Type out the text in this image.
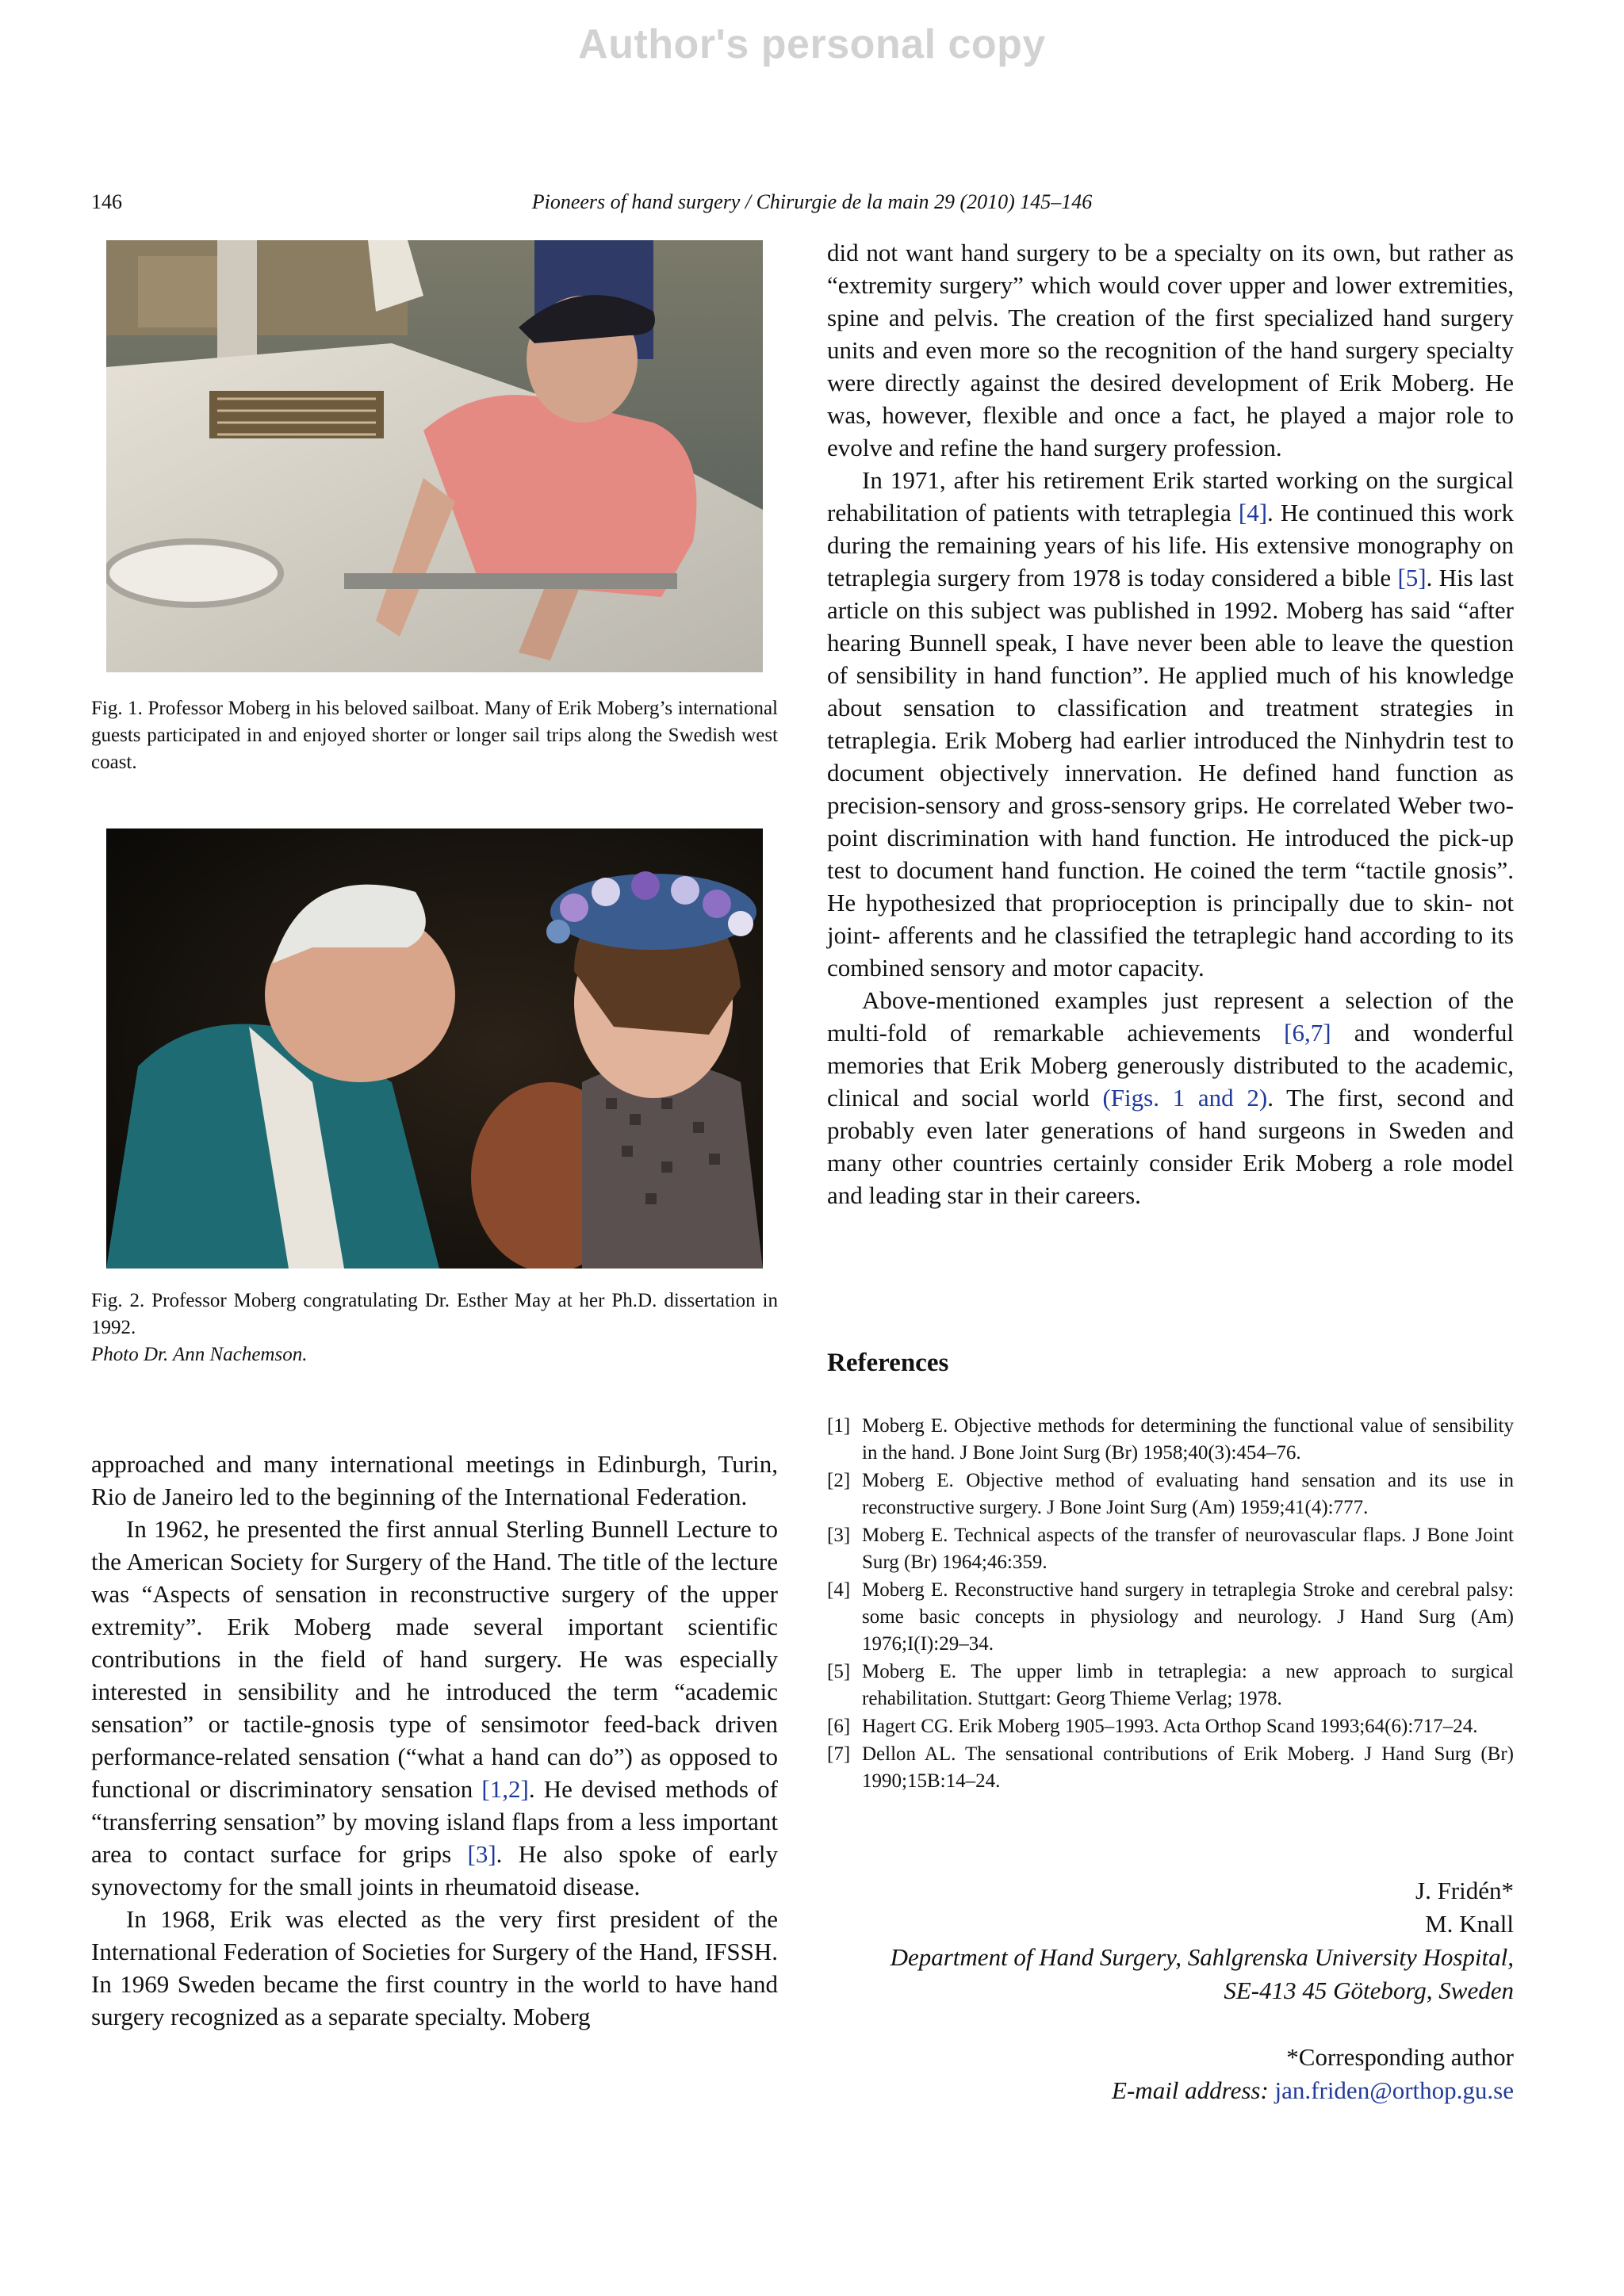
Author's personal copy
146	Pioneers of hand surgery / Chirurgie de la main 29 (2010) 145–146
Fig. 1. Professor Moberg in his beloved sailboat. Many of Erik Moberg’s international guests participated in and enjoyed shorter or longer sail trips along the Swedish west coast.
Fig. 2. Professor Moberg congratulating Dr. Esther May at her Ph.D. dissertation in 1992.
Photo Dr. Ann Nachemson.

approached and many international meetings in Edinburgh, Turin, Rio de Janeiro led to the beginning of the International Federation.

In 1962, he presented the first annual Sterling Bunnell Lecture to the American Society for Surgery of the Hand. The title of the lecture was “Aspects of sensation in reconstructive surgery of the upper extremity”. Erik Moberg made several important scientific contributions in the field of hand surgery. He was especially interested in sensibility and he introduced the term “academic sensation” or tactile-gnosis type of sensimotor feed-back driven performance-related sensation (“what a hand can do”) as opposed to functional or discriminatory sensation [1,2]. He devised methods of “transferring sensation” by moving island flaps from a less important area to contact surface for grips [3]. He also spoke of early synovectomy for the small joints in rheumatoid disease.

In 1968, Erik was elected as the very first president of the International Federation of Societies for Surgery of the Hand, IFSSH. In 1969 Sweden became the first country in the world to have hand surgery recognized as a separate specialty. Moberg

did not want hand surgery to be a specialty on its own, but rather as “extremity surgery” which would cover upper and lower extremities, spine and pelvis. The creation of the first specialized hand surgery units and even more so the recognition of the hand surgery specialty were directly against the desired development of Erik Moberg. He was, however, flexible and once a fact, he played a major role to evolve and refine the hand surgery profession.

In 1971, after his retirement Erik started working on the surgical rehabilitation of patients with tetraplegia [4]. He continued this work during the remaining years of his life. His extensive monography on tetraplegia surgery from 1978 is today considered a bible [5]. His last article on this subject was published in 1992. Moberg has said “after hearing Bunnell speak, I have never been able to leave the question of sensibility in hand function”. He applied much of his knowledge about sensation to classification and treatment strategies in tetraplegia. Erik Moberg had earlier introduced the Ninhydrin test to document objectively innervation. He defined hand function as precision-sensory and gross-sensory grips. He correlated Weber two-point discrimination with hand function. He introduced the pick-up test to document hand function. He coined the term “tactile gnosis”. He hypothesized that proprioception is principally due to skin- not joint- afferents and he classified the tetraplegic hand according to its combined sensory and motor capacity.

Above-mentioned examples just represent a selection of the multi-fold of remarkable achievements [6,7] and wonderful memories that Erik Moberg generously distributed to the academic, clinical and social world (Figs. 1 and 2). The first, second and probably even later generations of hand surgeons in Sweden and many other countries certainly consider Erik Moberg a role model and leading star in their careers.

References
[1] Moberg E. Objective methods for determining the functional value of sensibility in the hand. J Bone Joint Surg (Br) 1958;40(3):454–76.
[2] Moberg E. Objective method of evaluating hand sensation and its use in reconstructive surgery. J Bone Joint Surg (Am) 1959;41(4):777.
[3] Moberg E. Technical aspects of the transfer of neurovascular flaps. J Bone Joint Surg (Br) 1964;46:359.
[4] Moberg E. Reconstructive hand surgery in tetraplegia Stroke and cerebral palsy: some basic concepts in physiology and neurology. J Hand Surg (Am) 1976;I(I):29–34.
[5] Moberg E. The upper limb in tetraplegia: a new approach to surgical rehabilitation. Stuttgart: Georg Thieme Verlag; 1978.
[6] Hagert CG. Erik Moberg 1905–1993. Acta Orthop Scand 1993;64(6):717–24.
[7] Dellon AL. The sensational contributions of Erik Moberg. J Hand Surg (Br) 1990;15B:14–24.
J. Fridén*
M. Knall
Department of Hand Surgery, Sahlgrenska University Hospital,
SE-413 45 Göteborg, Sweden
*Corresponding author
E-mail address: jan.friden@orthop.gu.se
